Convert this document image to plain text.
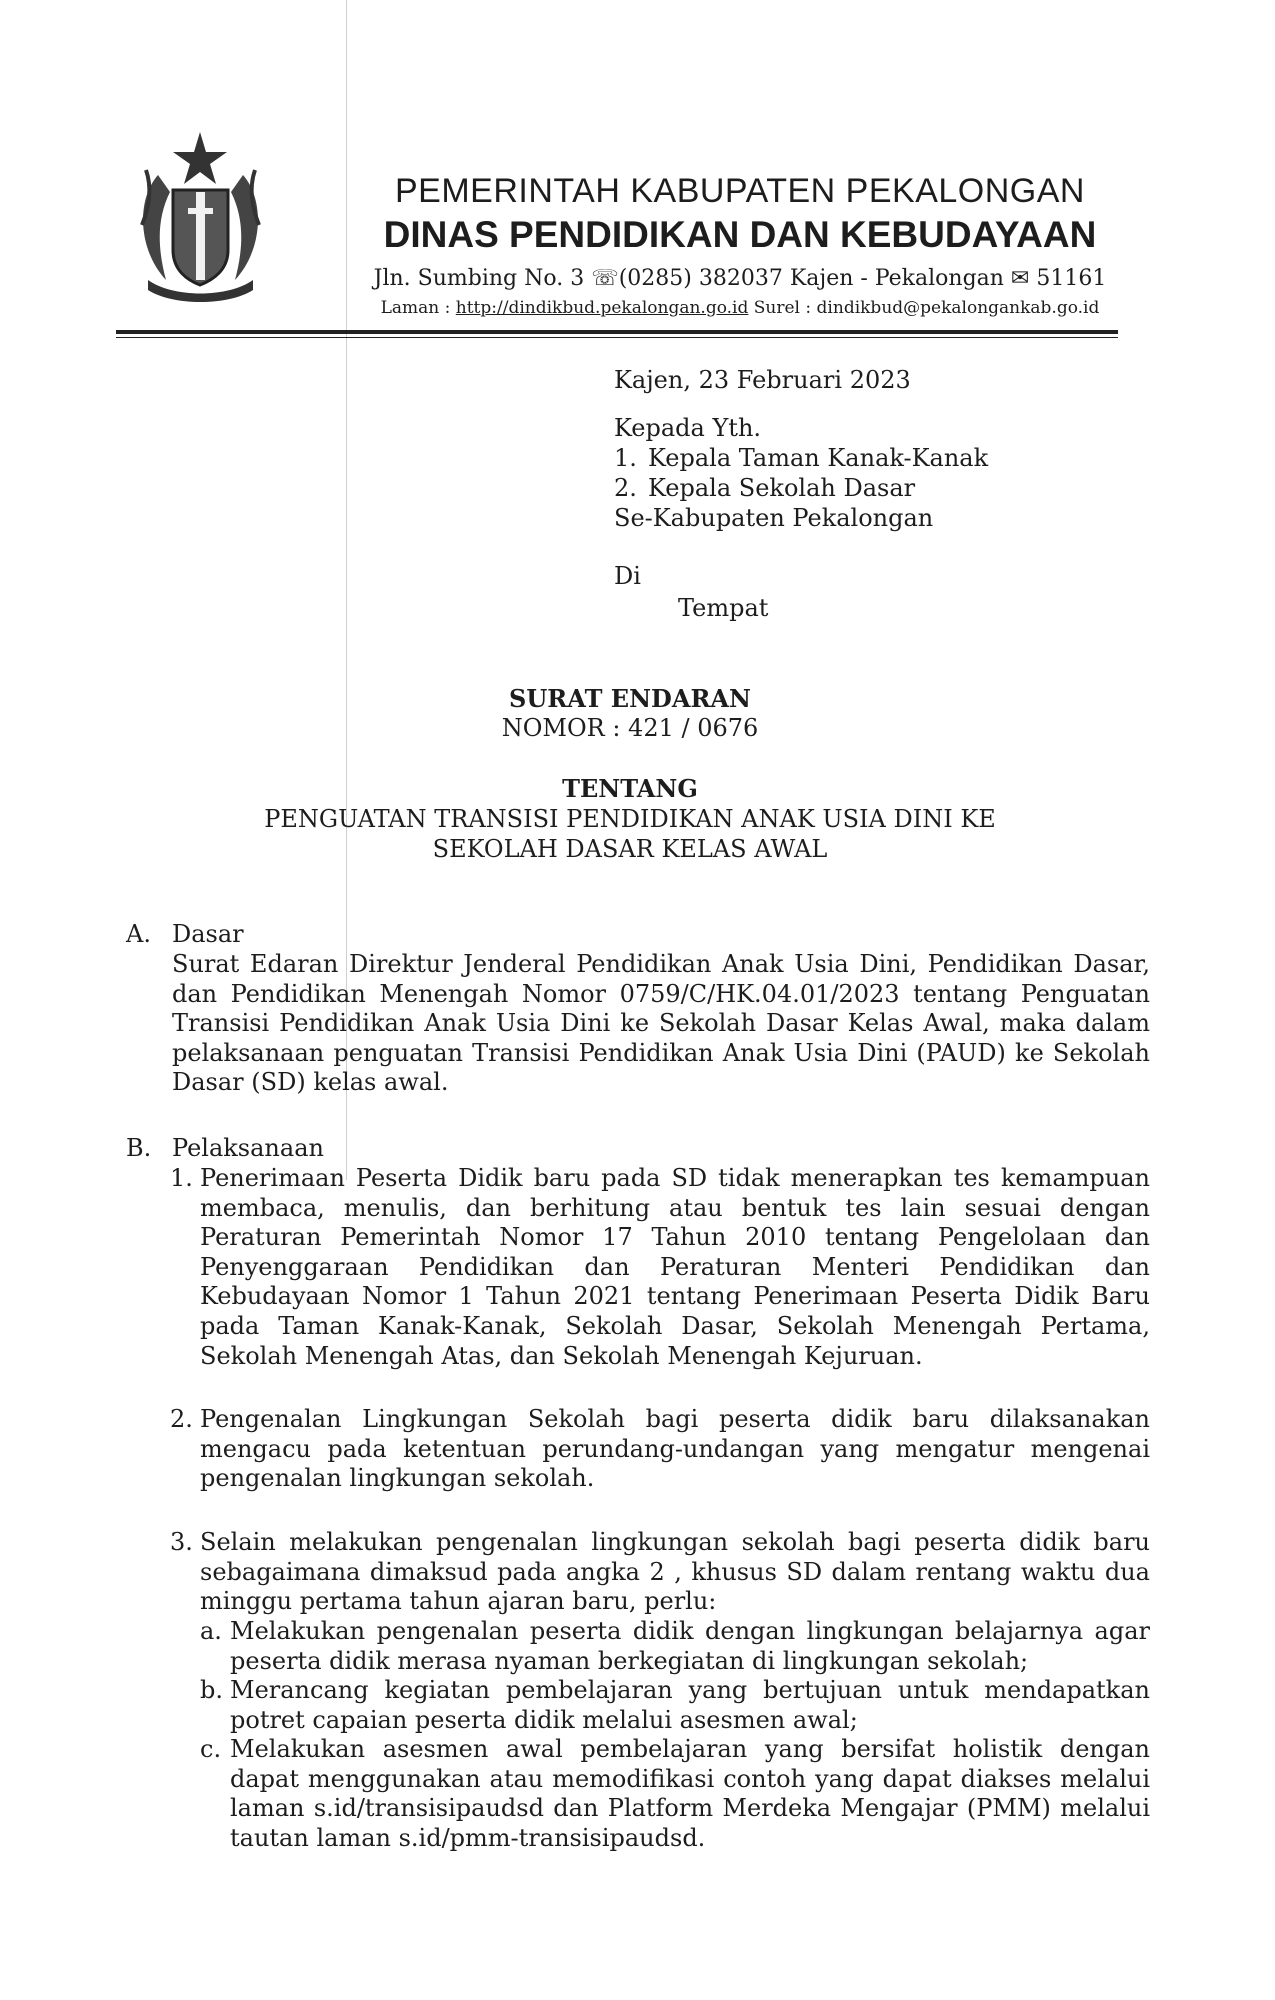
PEMERINTAH KABUPATEN PEKALONGAN
DINAS PENDIDIKAN DAN KEBUDAYAAN
Jln. Sumbing No. 3 ☏(0285) 382037 Kajen - Pekalongan ✉ 51161
Laman : http://dindikbud.pekalongan.go.id Surel : dindikbud@pekalongankab.go.id
Kajen, 23 Februari 2023
Kepada Yth.
1. Kepala Taman Kanak-Kanak
2. Kepala Sekolah Dasar
Se-Kabupaten Pekalongan
Di
Tempat
SURAT ENDARAN
NOMOR : 421 / 0676
TENTANG
PENGUATAN TRANSISI PENDIDIKAN ANAK USIA DINI KE
SEKOLAH DASAR KELAS AWAL
A. Dasar
Surat Edaran Direktur Jenderal Pendidikan Anak Usia Dini, Pendidikan Dasar, dan Pendidikan Menengah Nomor 0759/C/HK.04.01/2023 tentang Penguatan Transisi Pendidikan Anak Usia Dini ke Sekolah Dasar Kelas Awal, maka dalam pelaksanaan penguatan Transisi Pendidikan Anak Usia Dini (PAUD) ke Sekolah Dasar (SD) kelas awal.
B. Pelaksanaan
1. Penerimaan Peserta Didik baru pada SD tidak menerapkan tes kemampuan membaca, menulis, dan berhitung atau bentuk tes lain sesuai dengan Peraturan Pemerintah Nomor 17 Tahun 2010 tentang Pengelolaan dan Penyenggaraan Pendidikan dan Peraturan Menteri Pendidikan dan Kebudayaan Nomor 1 Tahun 2021 tentang Penerimaan Peserta Didik Baru pada Taman Kanak-Kanak, Sekolah Dasar, Sekolah Menengah Pertama, Sekolah Menengah Atas, dan Sekolah Menengah Kejuruan.
2. Pengenalan Lingkungan Sekolah bagi peserta didik baru dilaksanakan mengacu pada ketentuan perundang-undangan yang mengatur mengenai pengenalan lingkungan sekolah.
3. Selain melakukan pengenalan lingkungan sekolah bagi peserta didik baru sebagaimana dimaksud pada angka 2 , khusus SD dalam rentang waktu dua minggu pertama tahun ajaran baru, perlu:
a. Melakukan pengenalan peserta didik dengan lingkungan belajarnya agar peserta didik merasa nyaman berkegiatan di lingkungan sekolah;
b. Merancang kegiatan pembelajaran yang bertujuan untuk mendapatkan potret capaian peserta didik melalui asesmen awal;
c. Melakukan asesmen awal pembelajaran yang bersifat holistik dengan dapat menggunakan atau memodifikasi contoh yang dapat diakses melalui laman s.id/transisipaudsd dan Platform Merdeka Mengajar (PMM) melalui tautan laman s.id/pmm-transisipaudsd.
